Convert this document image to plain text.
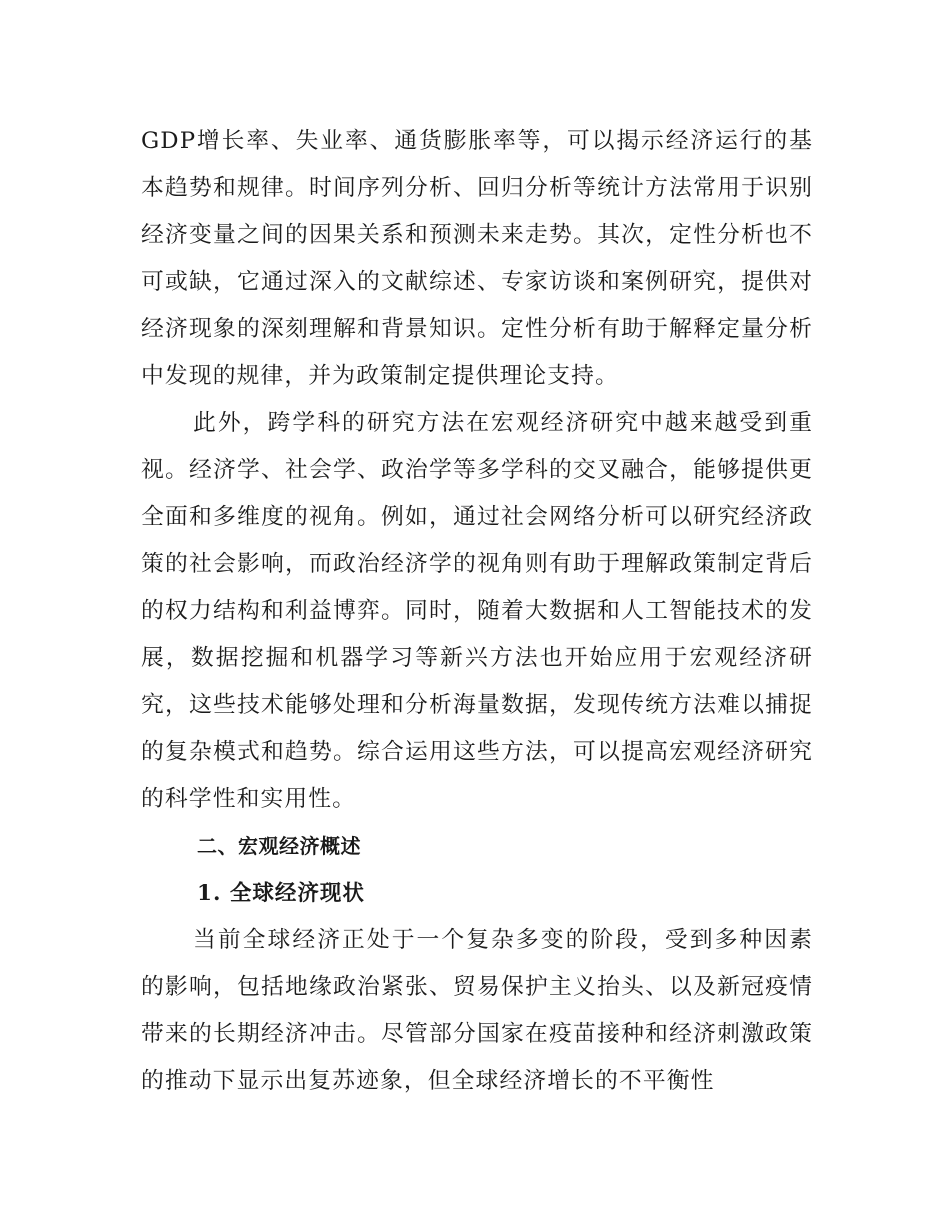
GDP增长率、失业率、通货膨胀率等，可以揭示经济运行的基本趋势和规律。时间序列分析、回归分析等统计方法常用于识别经济变量之间的因果关系和预测未来走势。其次，定性分析也不可或缺，它通过深入的文献综述、专家访谈和案例研究，提供对经济现象的深刻理解和背景知识。定性分析有助于解释定量分析中发现的规律，并为政策制定提供理论支持。

此外，跨学科的研究方法在宏观经济研究中越来越受到重视。经济学、社会学、政治学等多学科的交叉融合，能够提供更全面和多维度的视角。例如，通过社会网络分析可以研究经济政策的社会影响，而政治经济学的视角则有助于理解政策制定背后的权力结构和利益博弈。同时，随着大数据和人工智能技术的发展，数据挖掘和机器学习等新兴方法也开始应用于宏观经济研究，这些技术能够处理和分析海量数据，发现传统方法难以捕捉的复杂模式和趋势。综合运用这些方法，可以提高宏观经济研究的科学性和实用性。

二、宏观经济概述
1. 全球经济现状

当前全球经济正处于一个复杂多变的阶段，受到多种因素的影响，包括地缘政治紧张、贸易保护主义抬头、以及新冠疫情带来的长期经济冲击。尽管部分国家在疫苗接种和经济刺激政策的推动下显示出复苏迹象，但全球经济增长的不平衡性
